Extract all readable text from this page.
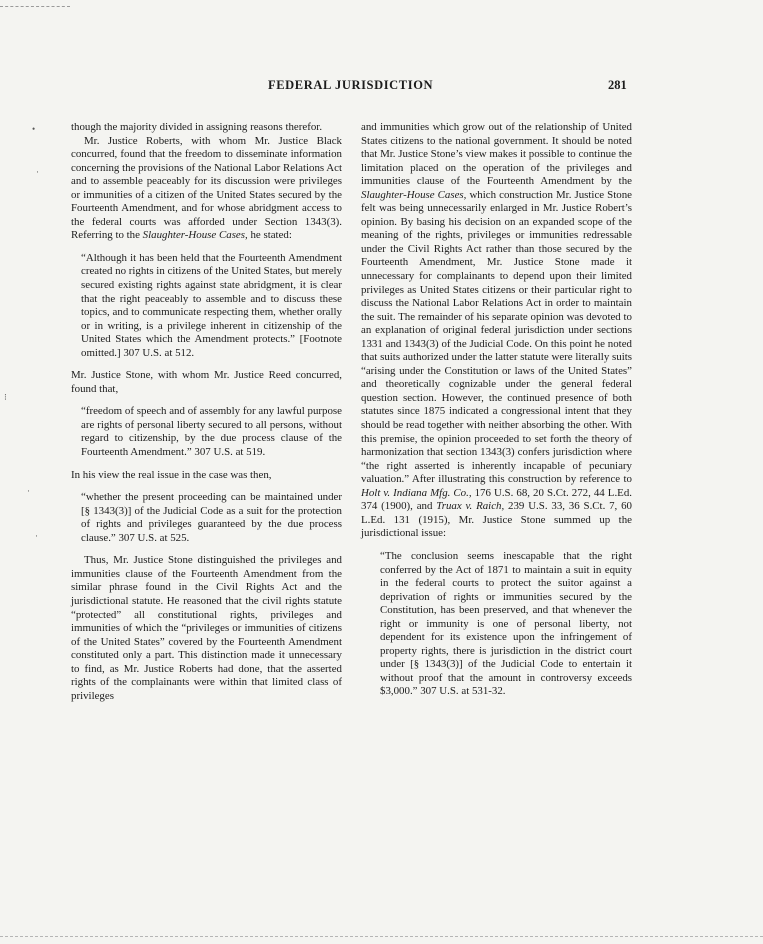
FEDERAL JURISDICTION	281
•
·
⁝
·
·

though the majority divided in assigning reasons therefor.

Mr. Justice Roberts, with whom Mr. Justice Black concurred, found that the freedom to disseminate information concerning the provisions of the National Labor Relations Act and to assemble peaceably for its discussion were privileges or immunities of a citizen of the United States secured by the Fourteenth Amendment, and for whose abridgment access to the federal courts was afforded under Section 1343(3). Referring to the Slaughter-House Cases, he stated:

“Although it has been held that the Fourteenth Amendment created no rights in citizens of the United States, but merely secured existing rights against state abridgment, it is clear that the right peaceably to assemble and to discuss these topics, and to communicate respecting them, whether orally or in writing, is a privilege inherent in citizenship of the United States which the Amendment protects.” [Footnote omitted.] 307 U.S. at 512.

Mr. Justice Stone, with whom Mr. Justice Reed concurred, found that,

“freedom of speech and of assembly for any lawful purpose are rights of personal liberty secured to all persons, without regard to citizenship, by the due process clause of the Fourteenth Amendment.” 307 U.S. at 519.

In his view the real issue in the case was then,

“whether the present proceeding can be maintained under [§ 1343(3)] of the Judicial Code as a suit for the protection of rights and privileges guaranteed by the due process clause.” 307 U.S. at 525.

Thus, Mr. Justice Stone distinguished the privileges and immunities clause of the Fourteenth Amendment from the similar phrase found in the Civil Rights Act and the jurisdictional statute. He reasoned that the civil rights statute “protected” all constitutional rights, privileges and immunities of which the “privileges or immunities of citizens of the United States” covered by the Fourteenth Amendment constituted only a part. This distinction made it unnecessary to find, as Mr. Justice Roberts had done, that the asserted rights of the complainants were within that limited class of privileges

and immunities which grow out of the relationship of United States citizens to the national government. It should be noted that Mr. Justice Stone’s view makes it possible to continue the limitation placed on the operation of the privileges and immunities clause of the Fourteenth Amendment by the Slaughter-House Cases, which construction Mr. Justice Stone felt was being unnecessarily enlarged in Mr. Justice Robert’s opinion. By basing his decision on an expanded scope of the meaning of the rights, privileges or immunities redressable under the Civil Rights Act rather than those secured by the Fourteenth Amendment, Mr. Justice Stone made it unnecessary for complainants to depend upon their limited privileges as United States citizens or their particular right to discuss the National Labor Relations Act in order to maintain the suit. The remainder of his separate opinion was devoted to an explanation of original federal jurisdiction under sections 1331 and 1343(3) of the Judicial Code. On this point he noted that suits authorized under the latter statute were literally suits “arising under the Constitution or laws of the United States” and theoretically cognizable under the general federal question section. However, the continued presence of both statutes since 1875 indicated a congressional intent that they should be read together with neither absorbing the other. With this premise, the opinion proceeded to set forth the theory of harmonization that section 1343(3) confers jurisdiction where “the right asserted is inherently incapable of pecuniary valuation.” After illustrating this construction by reference to Holt v. Indiana Mfg. Co., 176 U.S. 68, 20 S.Ct. 272, 44 L.Ed. 374 (1900), and Truax v. Raich, 239 U.S. 33, 36 S.Ct. 7, 60 L.Ed. 131 (1915), Mr. Justice Stone summed up the jurisdictional issue:

“The conclusion seems inescapable that the right conferred by the Act of 1871 to maintain a suit in equity in the federal courts to protect the suitor against a deprivation of rights or immunities secured by the Constitution, has been preserved, and that whenever the right or immunity is one of personal liberty, not dependent for its existence upon the infringement of property rights, there is jurisdiction in the district court under [§ 1343(3)] of the Judicial Code to entertain it without proof that the amount in controversy exceeds $3,000.” 307 U.S. at 531-32.
